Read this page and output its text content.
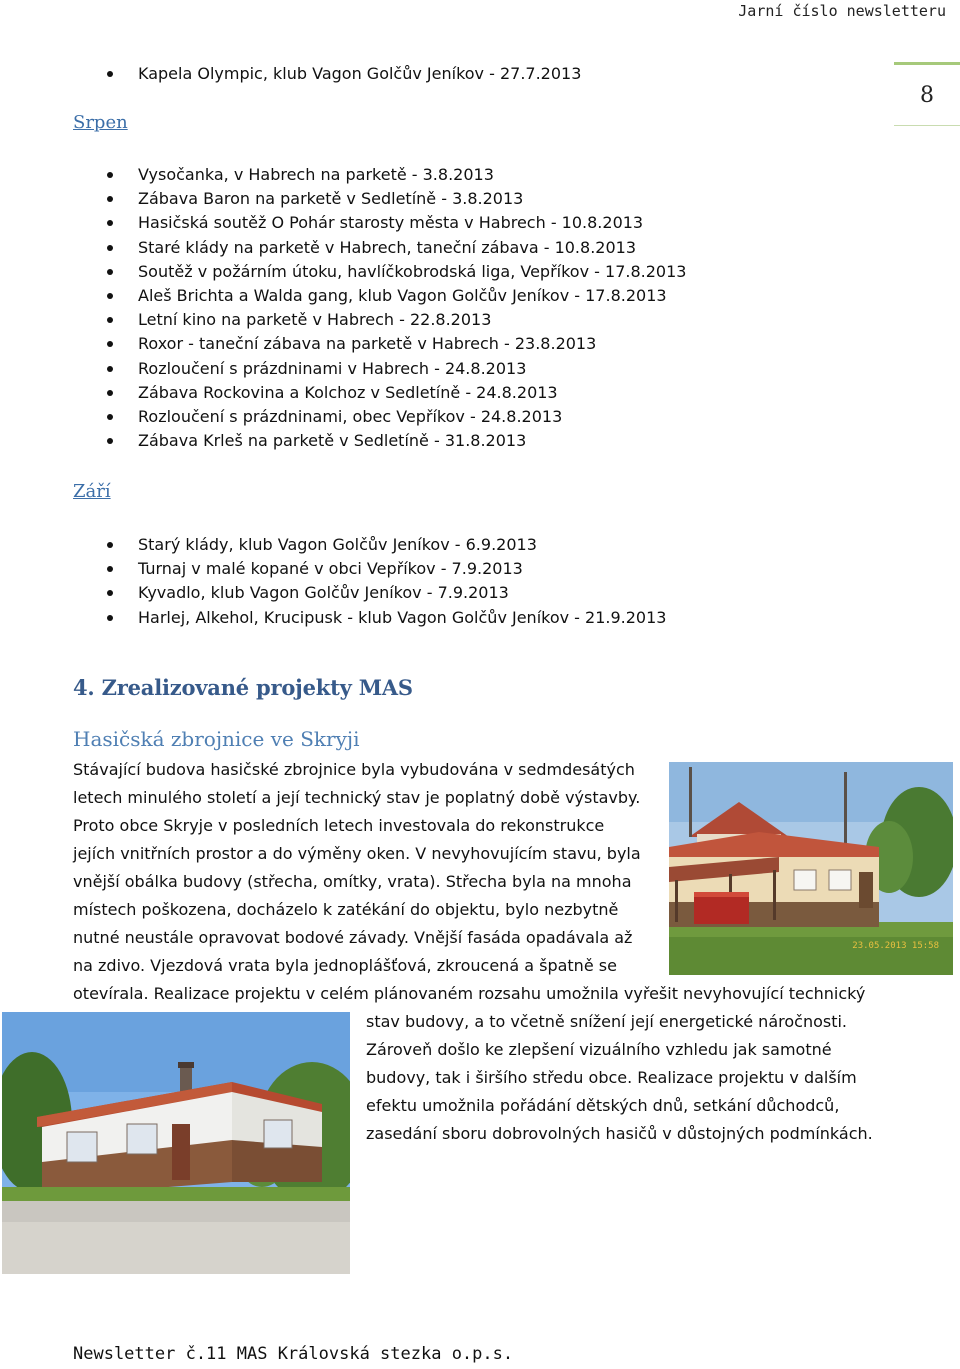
Jarní číslo newsletteru
8
Kapela Olympic, klub Vagon Golčův Jeníkov - 27.7.2013
Srpen
Vysočanka, v Habrech na parketě - 3.8.2013
Zábava Baron na parketě v Sedletíně - 3.8.2013
Hasičská soutěž O Pohár starosty města v Habrech - 10.8.2013
Staré klády na parketě v Habrech, taneční zábava - 10.8.2013
Soutěž v požárním útoku, havlíčkobrodská liga, Vepříkov - 17.8.2013
Aleš Brichta a Walda gang, klub Vagon Golčův Jeníkov - 17.8.2013
Letní kino na parketě v Habrech - 22.8.2013
Roxor - taneční zábava na parketě v Habrech - 23.8.2013
Rozloučení s prázdninami v Habrech - 24.8.2013
Zábava Rockovina a Kolchoz v Sedletíně - 24.8.2013
Rozloučení s prázdninami, obec Vepříkov - 24.8.2013
Zábava Krleš na parketě v Sedletíně - 31.8.2013
Září
Starý klády, klub Vagon Golčův Jeníkov - 6.9.2013
Turnaj v malé kopané v obci Vepříkov - 7.9.2013
Kyvadlo, klub Vagon Golčův Jeníkov - 7.9.2013
Harlej, Alkehol, Krucipusk - klub Vagon Golčův Jeníkov - 21.9.2013
4. Zrealizované projekty MAS
Hasičská zbrojnice ve Skryji
Stávající budova hasičské zbrojnice byla vybudována v sedmdesátých
letech minulého století a její technický stav je poplatný době výstavby.
Proto obce Skryje v posledních letech investovala do rekonstrukce
jejích vnitřních prostor a do výměny oken. V nevyhovujícím stavu, byla
vnější obálka budovy (střecha, omítky, vrata). Střecha byla na mnoha
místech poškozena, docházelo k zatékání do objektu, bylo nezbytně
nutné neustále opravovat bodové závady. Vnější fasáda opadávala až
na zdivo. Vjezdová vrata byla jednoplášťová, zkroucená a špatně se
otevírala. Realizace projektu v celém plánovaném rozsahu umožnila vyřešit nevyhovující technický
stav budovy, a to včetně snížení její energetické náročnosti.
Zároveň došlo ke zlepšení vizuálního vzhledu jak samotné
budovy, tak i širšího středu obce. Realizace projektu v dalším
efektu umožnila pořádání dětských dnů, setkání důchodců,
zasedání sboru dobrovolných hasičů v důstojných podmínkách.
23.05.2013 15:58
Newsletter č.11 MAS Královská stezka o.p.s.
